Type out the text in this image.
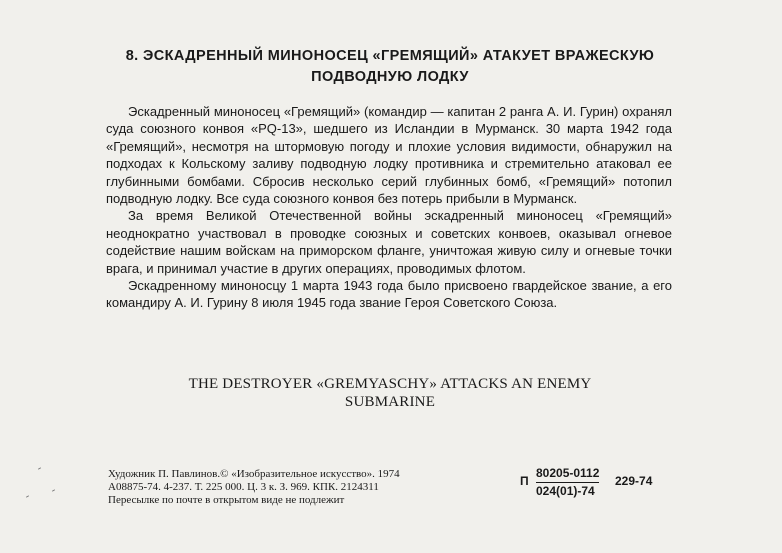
8. ЭСКАДРЕННЫЙ МИНОНОСЕЦ «ГРЕМЯЩИЙ» АТАКУЕТ ВРАЖЕСКУЮ
ПОДВОДНУЮ ЛОДКУ

Эскадренный миноносец «Гремящий» (командир — капитан 2 ранга А. И. Гурин) охранял суда союзного конвоя «PQ-13», шедшего из Исландии в Мурманск. 30 марта 1942 года «Гремящий», несмотря на штормовую погоду и плохие условия видимости, обнаружил на подходах к Кольскому заливу подводную лодку противника и стремительно атаковал ее глубинными бомбами. Сбросив несколько серий глубинных бомб, «Гремящий» потопил подводную лодку. Все суда союзного конвоя без потерь прибыли в Мурманск.

За время Великой Отечественной войны эскадренный миноносец «Гремящий» неоднократно участвовал в проводке союзных и советских конвоев, оказывал огневое содействие нашим войскам на приморском фланге, уничтожая живую силу и огневые точки врага, и принимал участие в других операциях, проводимых флотом.

Эскадренному миноносцу 1 марта 1943 года было присвоено гвардейское звание, а его командиру А. И. Гурину 8 июля 1945 года звание Героя Советского Союза.

THE DESTROYER «GREMYASCHY» ATTACKS AN ENEMY
SUBMARINE
Художник П. Павлинов.© «Изобразительное искусство». 1974
А08875-74. 4-237. Т. 225 000. Ц. 3 к. З. 969. КПК. 2124311
Пересылке по почте в открытом виде не подлежит
П $\frac{80205-0112}{024(01)-74} 229-74$
